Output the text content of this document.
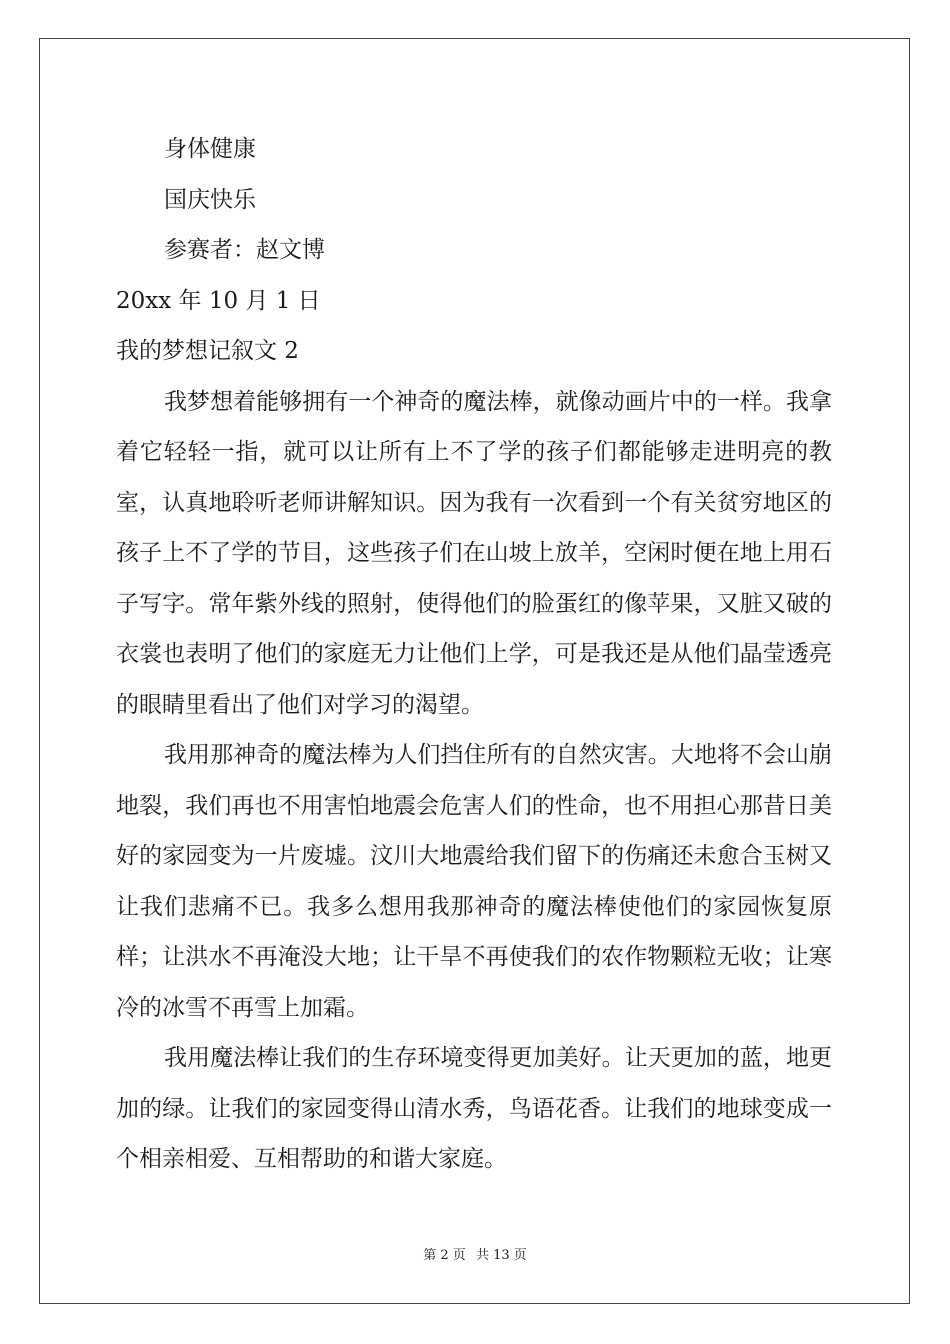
身体健康

国庆快乐

参赛者：赵文博

20xx 年 10 月 1 日

我的梦想记叙文 2

我梦想着能够拥有一个神奇的魔法棒，就像动画片中的一样。我拿着它轻轻一指，就可以让所有上不了学的孩子们都能够走进明亮的教室，认真地聆听老师讲解知识。因为我有一次看到一个有关贫穷地区的孩子上不了学的节目，这些孩子们在山坡上放羊，空闲时便在地上用石子写字。常年紫外线的照射，使得他们的脸蛋红的像苹果，又脏又破的衣裳也表明了他们的家庭无力让他们上学，可是我还是从他们晶莹透亮的眼睛里看出了他们对学习的渴望。

我用那神奇的魔法棒为人们挡住所有的自然灾害。大地将不会山崩地裂，我们再也不用害怕地震会危害人们的性命，也不用担心那昔日美好的家园变为一片废墟。汶川大地震给我们留下的伤痛还未愈合玉树又让我们悲痛不已。我多么想用我那神奇的魔法棒使他们的家园恢复原样；让洪水不再淹没大地；让干旱不再使我们的农作物颗粒无收；让寒冷的冰雪不再雪上加霜。

我用魔法棒让我们的生存环境变得更加美好。让天更加的蓝，地更加的绿。让我们的家园变得山清水秀，鸟语花香。让我们的地球变成一个相亲相爱、互相帮助的和谐大家庭。

第 2 页 共 13 页
